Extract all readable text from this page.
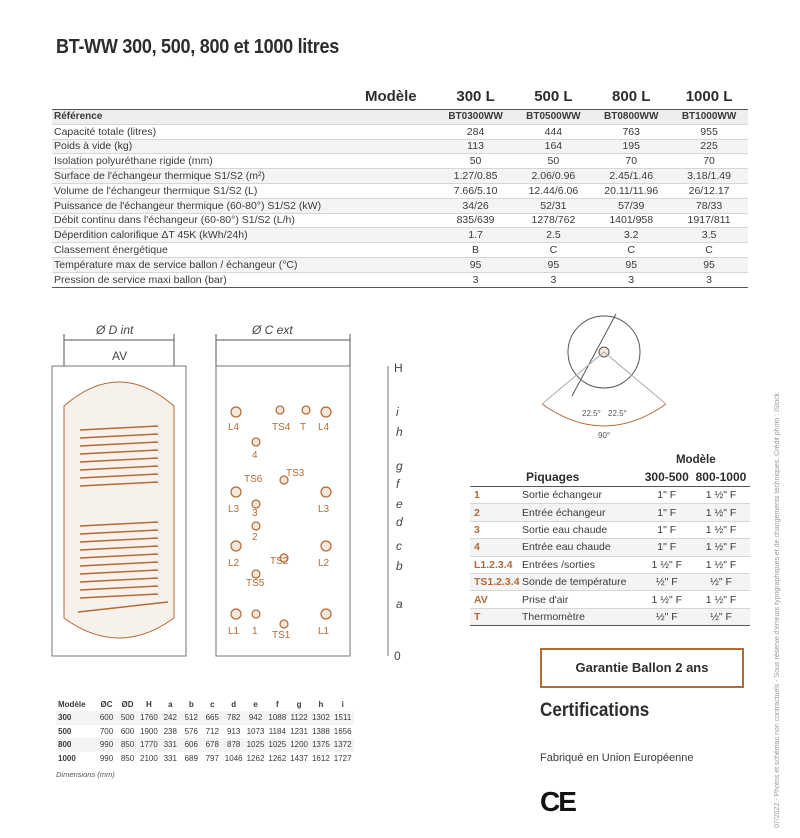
BT-WW 300, 500, 800 et 1000 litres
Modèle	300 L	500 L	800 L	1000 L
Référence	BT0300WW	BT0500WW	BT0800WW	BT1000WW
Capacité totale (litres)	284	444	763	955
Poids à vide (kg)	113	164	195	225
Isolation polyuréthane rigide (mm)	50	50	70	70
Surface de l'échangeur thermique S1/S2 (m²)	1.27/0.85	2.06/0.96	2.45/1.46	3.18/1.49
Volume de l'échangeur thermique S1/S2 (L)	7.66/5.10	12.44/6.06	20.11/11.96	26/12.17
Puissance de l'échangeur thermique (60-80°) S1/S2 (kW)	34/26	52/31	57/39	78/33
Débit continu dans l'échangeur (60-80°) S1/S2 (L/h)	835/639	1278/762	1401/958	1917/811
Déperdition calorifique ΔT 45K (kWh/24h)	1.7	2.5	3.2	3.5
Classement énergétique	B	C	C	C
Température max de service ballon / échangeur (°C)	95	95	95	95
Pression de service maxi ballon (bar)	3	3	3	3
L4	TS4 T L4
4
TS6
TS3
L3 3	L3
2
L2	TS2	L2
TS5
L1 1 TS1	L1
Ø D int	Ø C ext
AV
H
i
h
g
f
e
d
c
b
a
0
22.5° 22.5°
90°
		Modèle	
Piquages		300-500	800-1000
1	Sortie échangeur	1" F	1 ½" F
2	Entrée échangeur	1" F	1 ½" F
3	Sortie eau chaude	1" F	1 ½" F
4	Entrée eau chaude	1" F	1 ½" F
L1.2.3.4	Entrées /sorties	1 ½" F	1 ½" F
TS1.2.3.4	Sonde de température	½" F	½" F
AV	Prise d'air	1 ½" F	1 ½" F
T	Thermomètre	½" F	½" F
Garantie Ballon 2 ans
Certifications
Fabriqué en Union Européenne
CE
Modèle	ØC	ØD	H	a	b	c	d	e	f	g	h	i
300	600	500	1760	242	512	665	782	942	1088	1122	1302	1511
500	700	600	1900	238	576	712	913	1073	1184	1231	1388	1656
800	990	850	1770	331	606	678	878	1025	1025	1200	1375	1372
1000	990	850	2100	331	689	797	1046	1262	1262	1437	1612	1727
Dimensions (mm)	07/2022 - Photos et schémas non contractuels - Sous réserve d'erreurs typographiques et de changements techniques. Crédit photo : iStock
